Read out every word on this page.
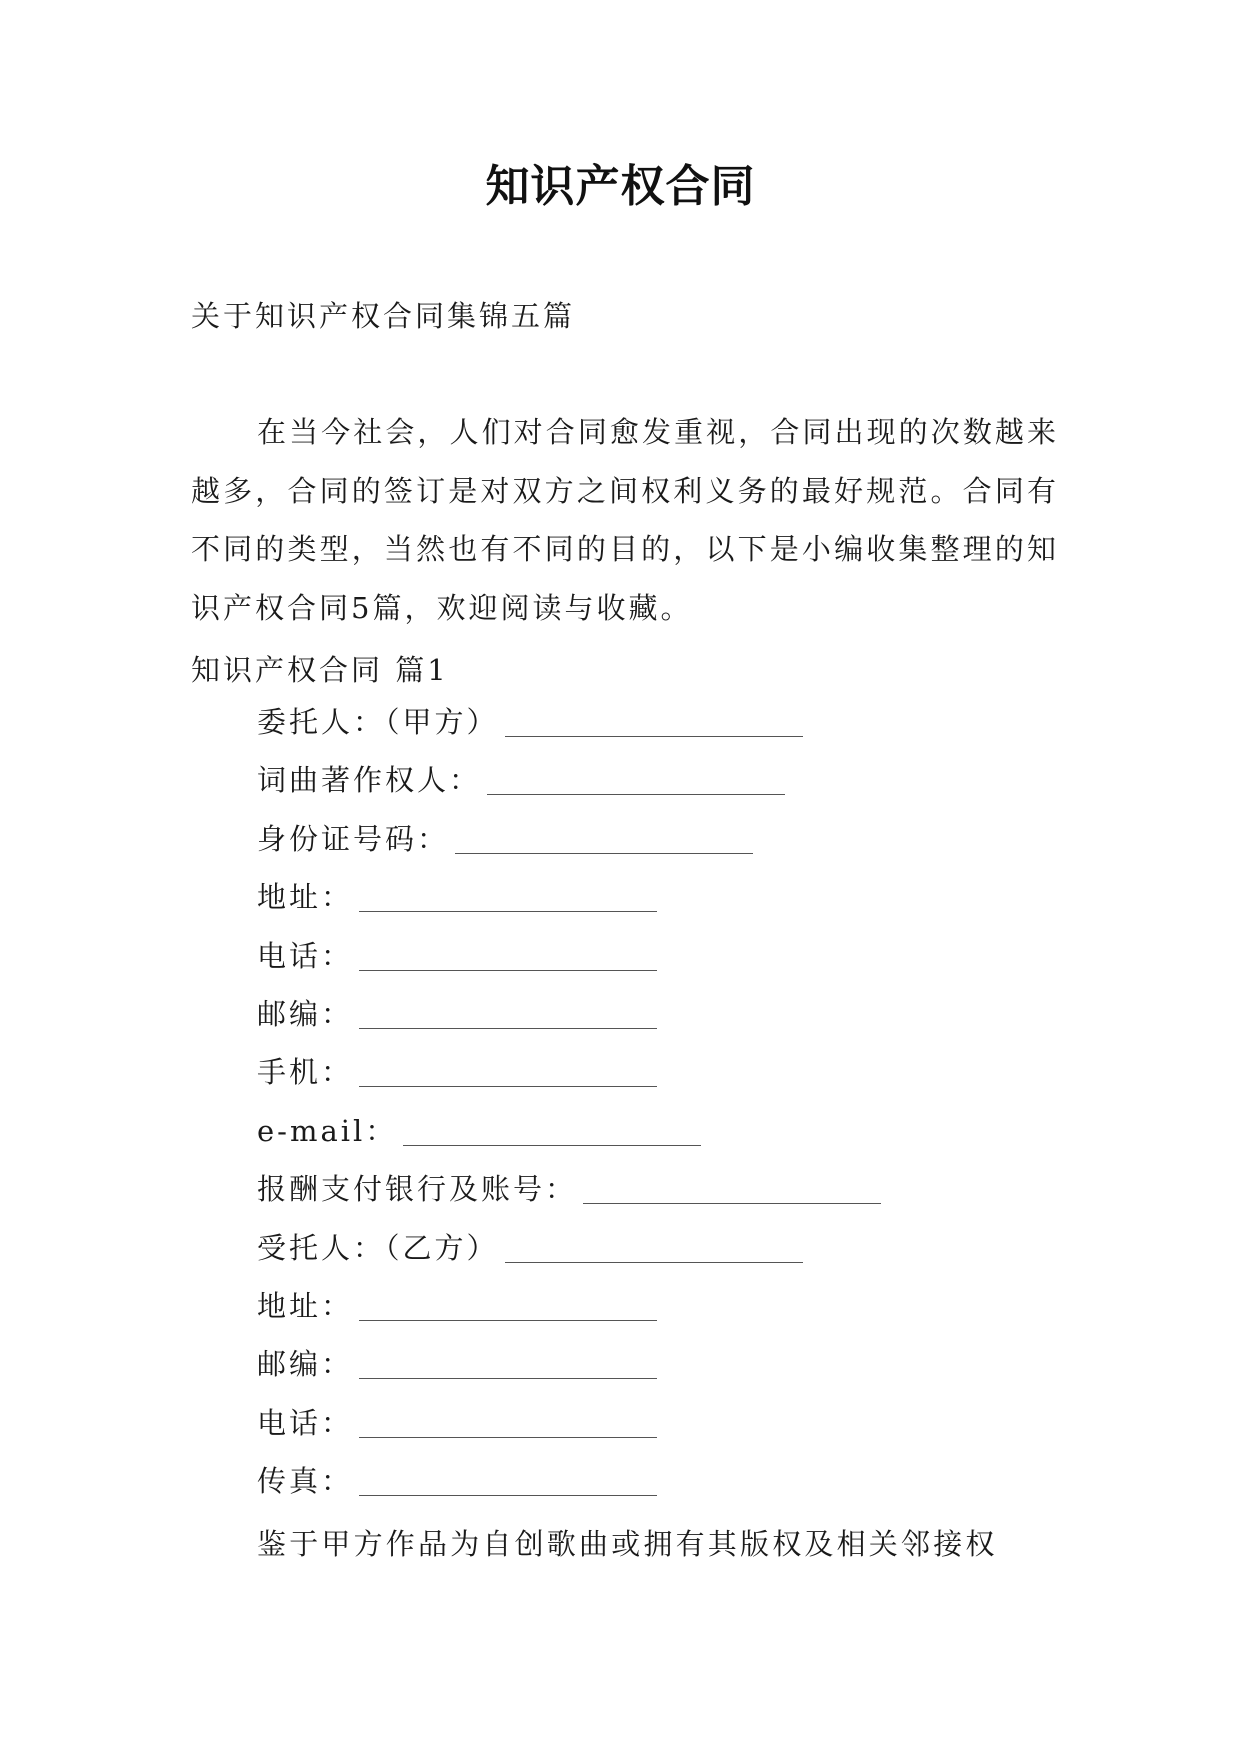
知识产权合同
关于知识产权合同集锦五篇

在当今社会，人们对合同愈发重视，合同出现的次数越来越多，合同的签订是对双方之间权利义务的最好规范。合同有不同的类型，当然也有不同的目的，以下是小编收集整理的知识产权合同5篇，欢迎阅读与收藏。

知识产权合同 篇1
委托人：（甲方）
词曲著作权人：
身份证号码：
地址：
电话：
邮编：
手机：
e-mail：
报酬支付银行及账号：
受托人：（乙方）
地址：
邮编：
电话：
传真：
鉴于甲方作品为自创歌曲或拥有其版权及相关邻接权
